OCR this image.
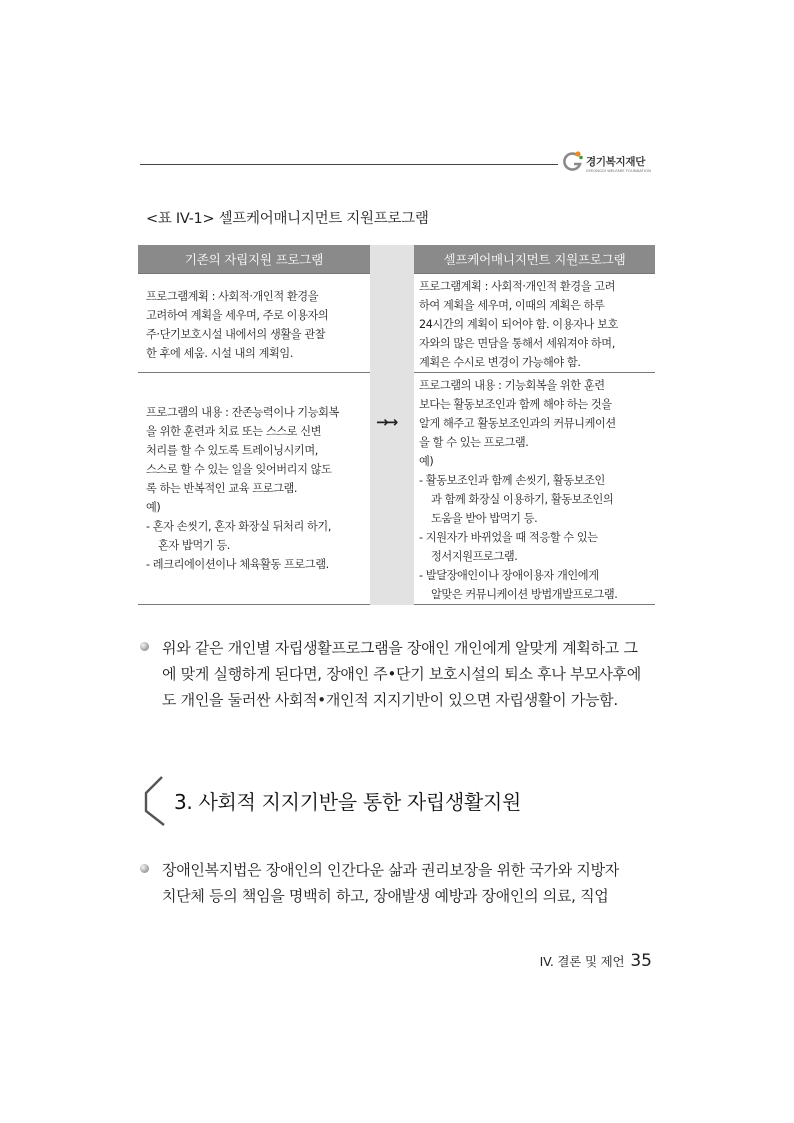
경기복지재단
GYEONGGI WELFARE FOUNDATION
<표 IV-1> 셀프케어매니지먼트 지원프로그램
기존의 자립지원 프로그램	셀프케어매니지먼트 지원프로그램
프로그램계획 : 사회적·개인적 환경을
고려하여 계획을 세우며, 주로 이용자의
주·단기보호시설 내에서의 생활을 관찰
한 후에 세움. 시설 내의 계획임.
프로그램계획 : 사회적·개인적 환경을 고려
하여 계획을 세우며, 이때의 계획은 하루
24시간의 계획이 되어야 함. 이용자나 보호
자와의 많은 면담을 통해서 세워져야 하며,
계획은 수시로 변경이 가능해야 함.
프로그램의 내용 : 잔존능력이나 기능회복
을 위한 훈련과 치료 또는 스스로 신변
처리를 할 수 있도록 트레이닝시키며,
스스로 할 수 있는 일을 잊어버리지 않도
록 하는 반복적인 교육 프로그램.
예)
- 혼자 손씻기, 혼자 화장실 뒤처리 하기,
혼자 밥먹기 등.
- 레크리에이션이나 체육활동 프로그램.
프로그램의 내용 : 기능회복을 위한 훈련
보다는 활동보조인과 함께 해야 하는 것을
알게 해주고 활동보조인과의 커뮤니케이션
을 할 수 있는 프로그램.
예)
- 활동보조인과 함께 손씻기, 활동보조인
과 함께 화장실 이용하기, 활동보조인의
도움을 받아 밥먹기 등.
- 지원자가 바뀌었을 때 적응할 수 있는
정서지원프로그램.
- 발달장애인이나 장애이용자 개인에게
알맞은 커뮤니케이션 방법개발프로그램.
→→
위와 같은 개인별 자립생활프로그램을 장애인 개인에게 알맞게 계획하고 그
에 맞게 실행하게 된다면, 장애인 주•단기 보호시설의 퇴소 후나 부모사후에
도 개인을 둘러싼 사회적•개인적 지지기반이 있으면 자립생활이 가능함.
3. 사회적 지지기반을 통한 자립생활지원
장애인복지법은 장애인의 인간다운 삶과 권리보장을 위한 국가와 지방자
치단체 등의 책임을 명백히 하고, 장애발생 예방과 장애인의 의료, 직업
IV. 결론 및 제언 35
